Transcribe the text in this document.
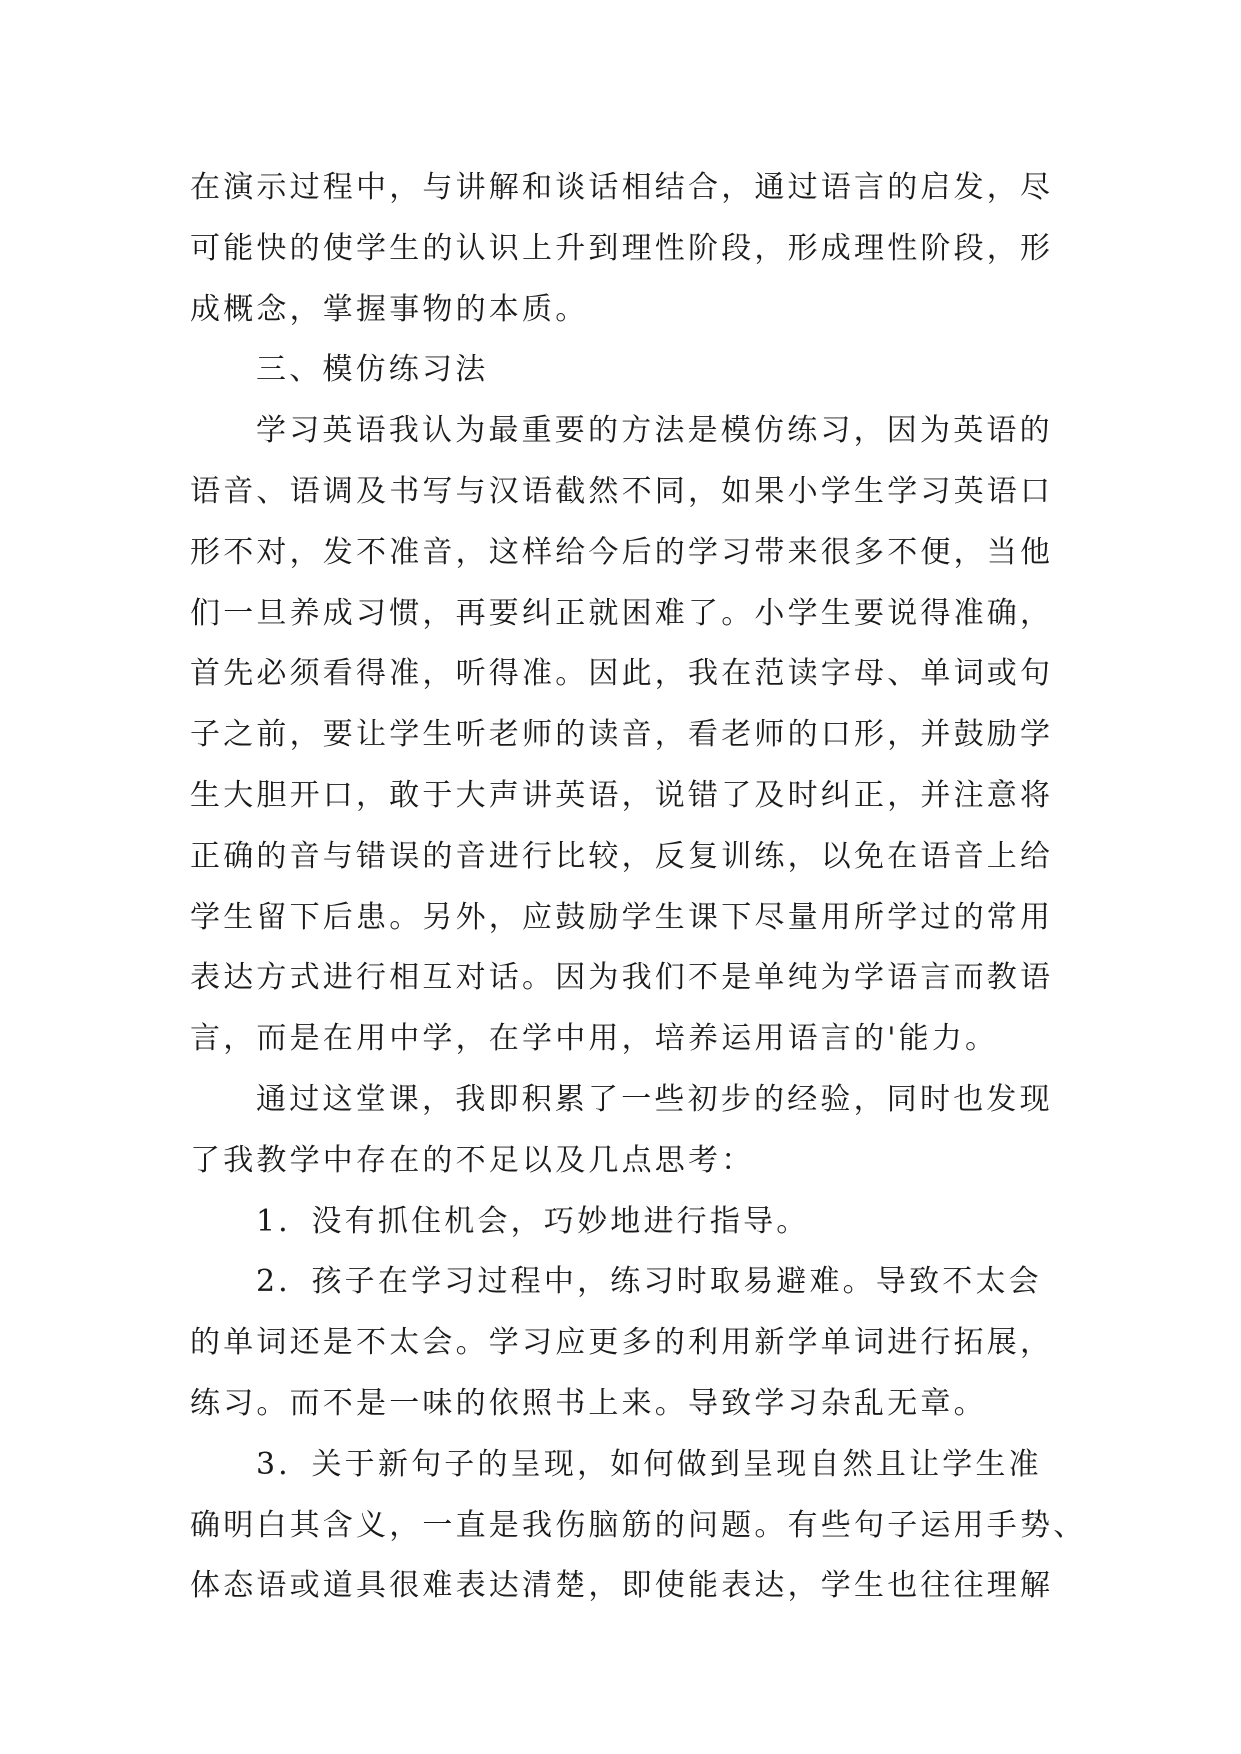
在演示过程中，与讲解和谈话相结合，通过语言的启发，尽
可能快的使学生的认识上升到理性阶段，形成理性阶段，形
成概念，掌握事物的本质。
三、模仿练习法
学习英语我认为最重要的方法是模仿练习，因为英语的
语音、语调及书写与汉语截然不同，如果小学生学习英语口
形不对，发不准音，这样给今后的学习带来很多不便，当他
们一旦养成习惯，再要纠正就困难了。小学生要说得准确，
首先必须看得准，听得准。因此，我在范读字母、单词或句
子之前，要让学生听老师的读音，看老师的口形，并鼓励学
生大胆开口，敢于大声讲英语，说错了及时纠正，并注意将
正确的音与错误的音进行比较，反复训练，以免在语音上给
学生留下后患。另外，应鼓励学生课下尽量用所学过的常用
表达方式进行相互对话。因为我们不是单纯为学语言而教语
言，而是在用中学，在学中用，培养运用语言的'能力。
通过这堂课，我即积累了一些初步的经验，同时也发现
了我教学中存在的不足以及几点思考：
1．没有抓住机会，巧妙地进行指导。
2．孩子在学习过程中，练习时取易避难。导致不太会
的单词还是不太会。学习应更多的利用新学单词进行拓展，
练习。而不是一味的依照书上来。导致学习杂乱无章。
3．关于新句子的呈现，如何做到呈现自然且让学生准
确明白其含义，一直是我伤脑筋的问题。有些句子运用手势、
体态语或道具很难表达清楚，即使能表达，学生也往往理解
